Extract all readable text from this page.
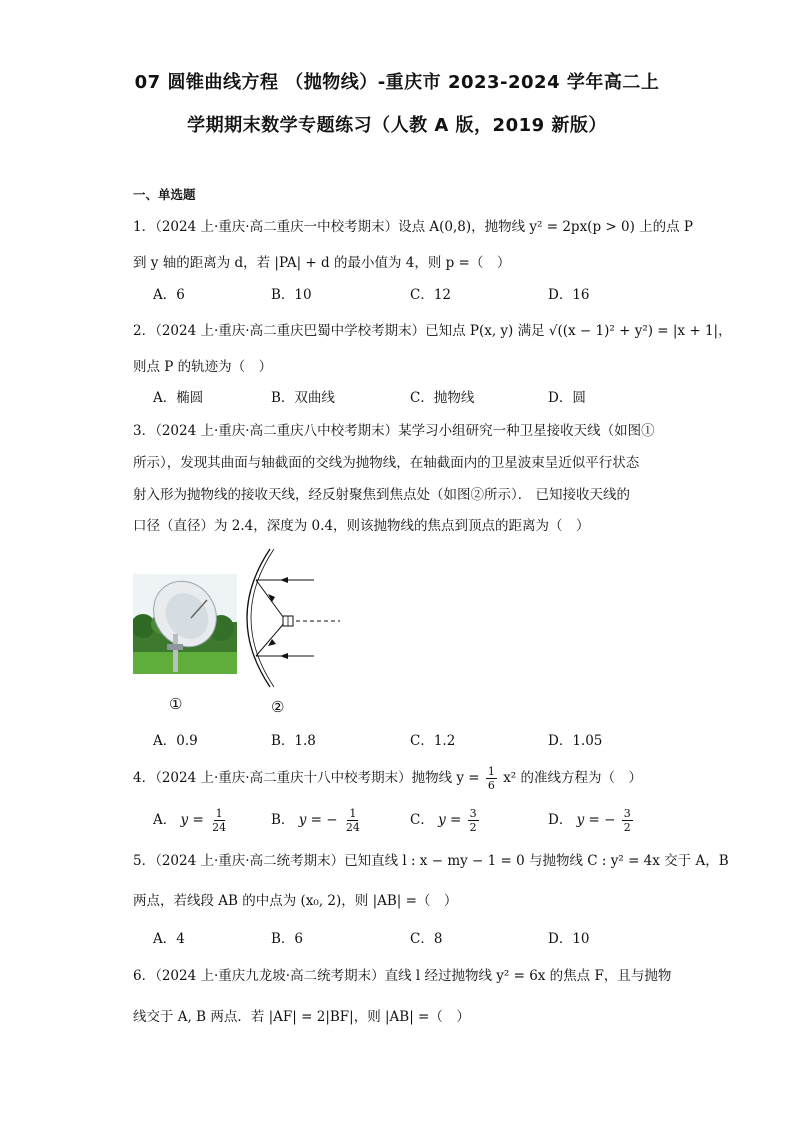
07 圆锥曲线方程 （抛物线）-重庆市 2023-2024 学年高二上
学期期末数学专题练习（人教 A 版，2019 新版）
一、单选题
1．（2024 上·重庆·高二重庆一中校考期末）设点 A(0,8)，抛物线 y² = 2px(p > 0) 上的点 P
到 y 轴的距离为 d，若 |PA| + d 的最小值为 4，则 p =（　）
A．6	B．10	C．12	D．16
2．（2024 上·重庆·高二重庆巴蜀中学校考期末）已知点 P(x, y) 满足 √((x − 1)² + y²) = |x + 1|，
则点 P 的轨迹为（　）
A．椭圆	B．双曲线	C．抛物线	D．圆
3．（2024 上·重庆·高二重庆八中校考期末）某学习小组研究一种卫星接收天线（如图①
所示），发现其曲面与轴截面的交线为抛物线，在轴截面内的卫星波束呈近似平行状态
射入形为抛物线的接收天线，经反射聚焦到焦点处（如图②所示）． 已知接收天线的
口径（直径）为 2.4，深度为 0.4，则该抛物线的焦点到顶点的距离为（　）
①	②
A．0.9	B．1.8	C．1.2	D．1.05
4．（2024 上·重庆·高二重庆十八中校考期末）抛物线 $y = \frac{1}{6} x^2$ 的准线方程为（　）
A． $y = \frac{1}{24}$	B． y = − $\frac{1}{24}$	C． $y = \frac{3}{2}$	D． y = − $\frac{3}{2}$
5．（2024 上·重庆·高二统考期末）已知直线 l : x − my − 1 = 0 与抛物线 C : y² = 4x 交于 A，B
两点，若线段 AB 的中点为 (x₀, 2)，则 |AB| =（　）
A．4	B．6	C．8	D．10
6．（2024 上·重庆九龙坡·高二统考期末）直线 l 经过抛物线 y² = 6x 的焦点 F，且与抛物
线交于 A, B 两点．若 |AF| = 2|BF|，则 |AB| =（　）
